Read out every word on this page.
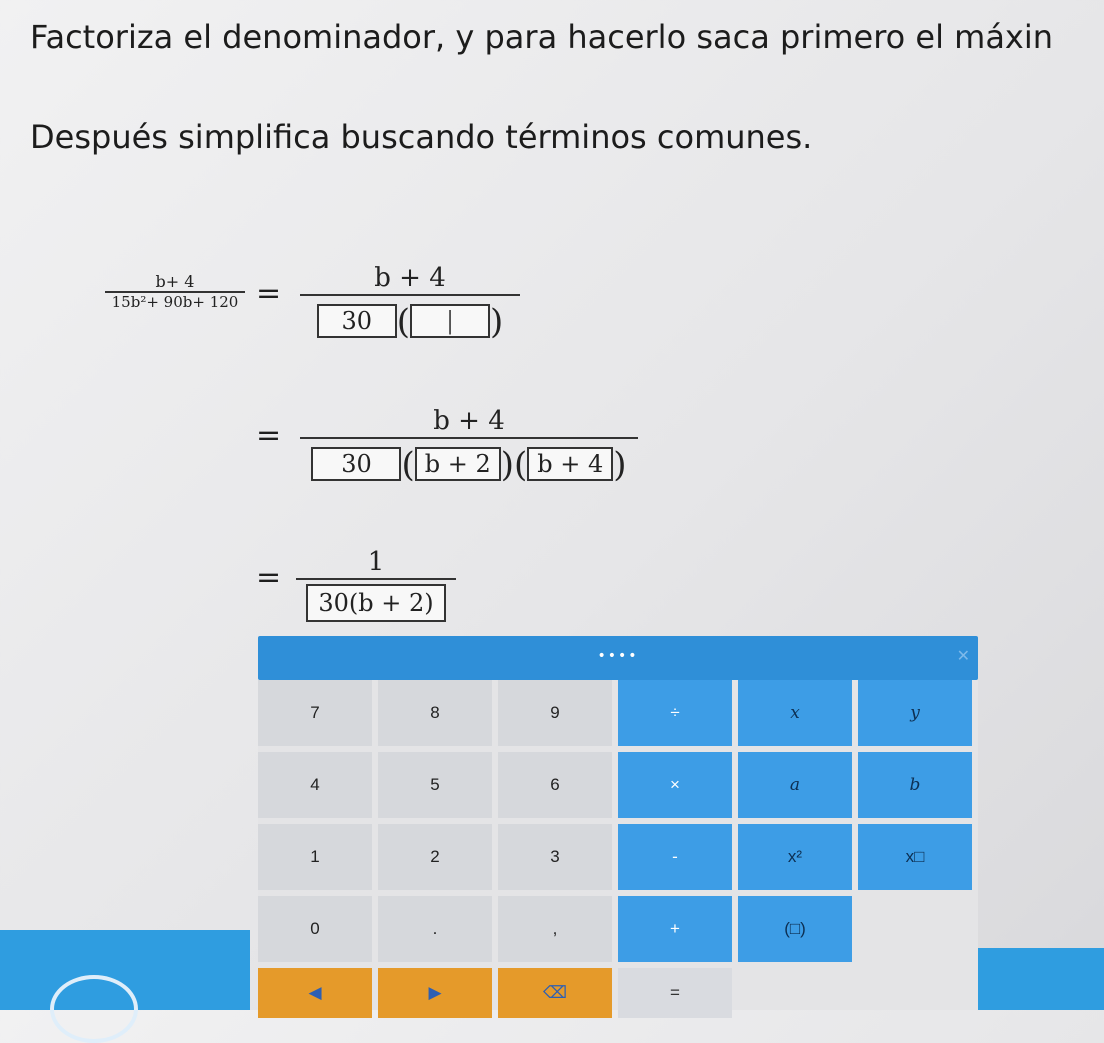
Factoriza el denominador, y para hacerlo saca primero el máxin

Después simplifica buscando términos comunes.

b+ 4
15b²+ 90b+ 120 =	b + 4
30 ( | )
=	b + 4
30 ( b + 2 )( b + 4 )
=	1
30(b + 2)
••••	✕
7	8	9	÷	x	y
4	5	6	×	a	b
1	2	3	-	x²	x□
0	.	,	+	(□)
◀	▶	⌫	=
